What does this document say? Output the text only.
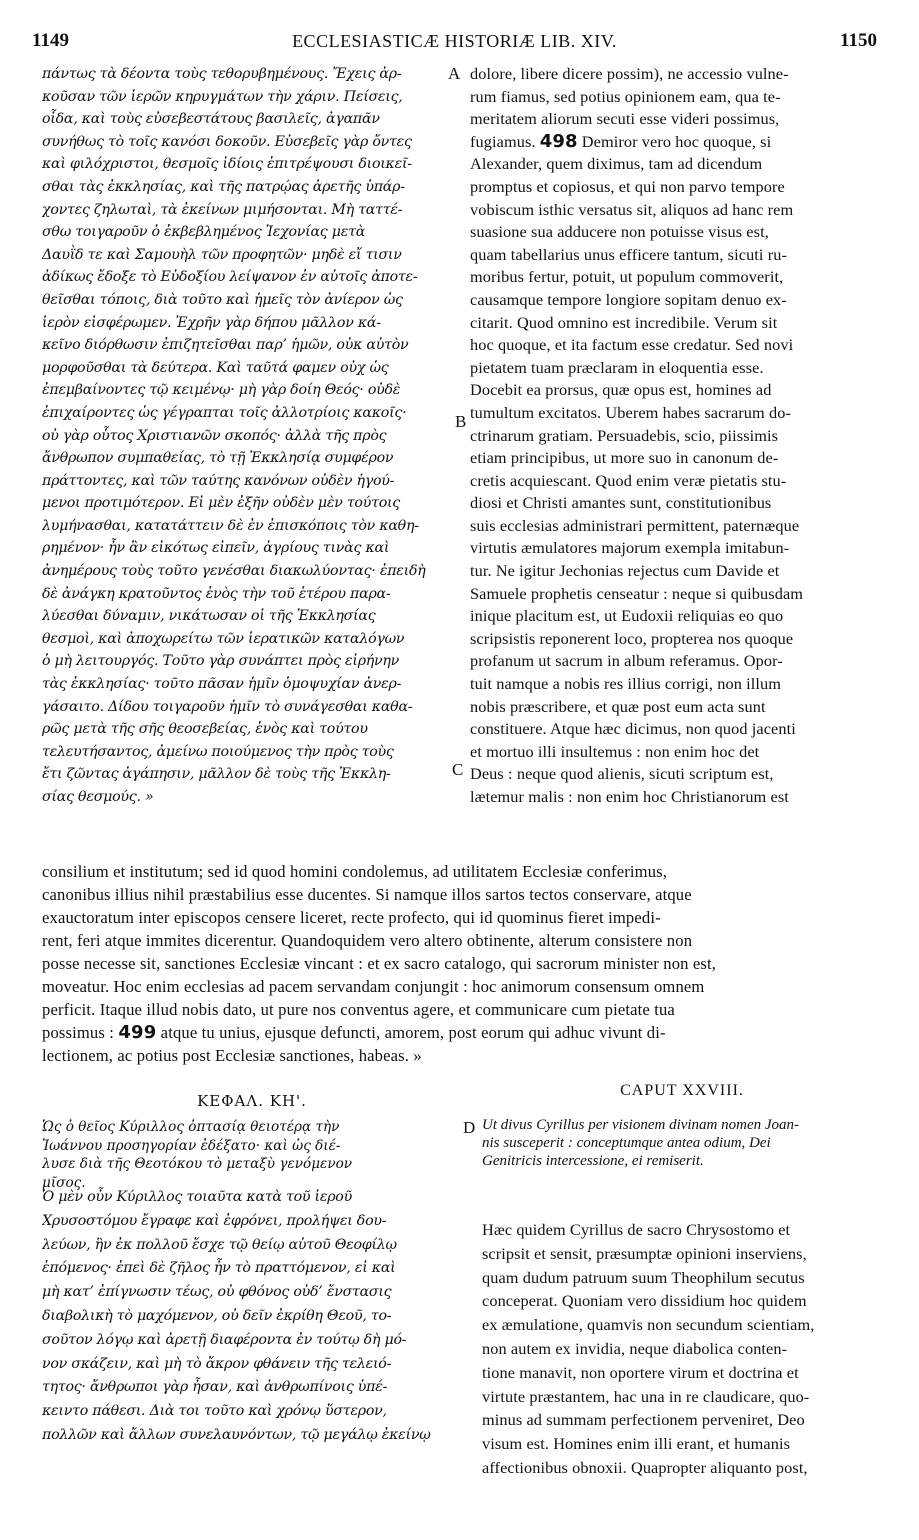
1149	ECCLESIASTICÆ HISTORIÆ LIB. XIV.	1150
πάντως τὰ δέοντα τοὺς τεθορυβημένους. Ἔχεις ἀρ-
κοῦσαν τῶν ἱερῶν κηρυγμάτων τὴν χάριν. Πείσεις,
οἶδα, καὶ τοὺς εὐσεβεστάτους βασιλεῖς, ἀγαπᾶν
συνήθως τὸ τοῖς κανόσι δοκοῦν. Εὐσεβεῖς γὰρ ὄντες
καὶ φιλόχριστοι, θεσμοῖς ἰδίοις ἐπιτρέψουσι διοικεῖ-
σθαι τὰς ἐκκλησίας, καὶ τῆς πατρῴας ἀρετῆς ὑπάρ-
χοντες ζηλωταὶ, τὰ ἐκείνων μιμήσονται. Μὴ ταττέ-
σθω τοιγαροῦν ὁ ἐκβεβλημένος Ἰεχονίας μετὰ
Δαυῒδ τε καὶ Σαμουὴλ τῶν προφητῶν· μηδὲ εἴ τισιν
ἀδίκως ἔδοξε τὸ Εὐδοξίου λείψανον ἐν αὐτοῖς ἀποτε-
θεῖσθαι τόποις, διὰ τοῦτο καὶ ἡμεῖς τὸν ἀνίερον ὡς
ἱερὸν εἰσφέρωμεν. Ἐχρῆν γὰρ δήπου μᾶλλον κά-
κεῖνο διόρθωσιν ἐπιζητεῖσθαι παρ’ ἡμῶν, οὐκ αὐτὸν
μορφοῦσθαι τὰ δεύτερα. Καὶ ταῦτά φαμεν οὐχ ὡς
ἐπεμβαίνοντες τῷ κειμένῳ· μὴ γὰρ δοίη Θεός· οὐδὲ
ἐπιχαίροντες ὡς γέγραπται τοῖς ἀλλοτρίοις κακοῖς·
οὐ γὰρ οὗτος Χριστιανῶν σκοπός· ἀλλὰ τῆς πρὸς
ἄνθρωπον συμπαθείας, τὸ τῇ Ἐκκλησίᾳ συμφέρον
πράττοντες, καὶ τῶν ταύτης κανόνων οὐδὲν ἡγού-
μενοι προτιμότερον. Εἰ μὲν ἐξῆν οὐδὲν μὲν τούτοις
λυμήνασθαι, κατατάττειν δὲ ἐν ἐπισκόποις τὸν καθη-
ρημένον· ἦν ἂν εἰκότως εἰπεῖν, ἀγρίους τινὰς καὶ
ἀνημέρους τοὺς τοῦτο γενέσθαι διακωλύοντας· ἐπειδὴ
δὲ ἀνάγκη κρατοῦντος ἑνὸς τὴν τοῦ ἑτέρου παρα-
λύεσθαι δύναμιν, νικάτωσαν οἱ τῆς Ἐκκλησίας
θεσμοὶ, καὶ ἀποχωρείτω τῶν ἱερατικῶν καταλόγων
ὁ μὴ λειτουργός. Τοῦτο γὰρ συνάπτει πρὸς εἰρήνην
τὰς ἐκκλησίας· τοῦτο πᾶσαν ἡμῖν ὁμοψυχίαν ἀνερ-
γάσαιτο. Δίδου τοιγαροῦν ἡμῖν τὸ συνάγεσθαι καθα-
ρῶς μετὰ τῆς σῆς θεοσεβείας, ἑνὸς καὶ τούτου
τελευτήσαντος, ἀμείνω ποιούμενος τὴν πρὸς τοὺς
ἔτι ζῶντας ἀγάπησιν, μᾶλλον δὲ τοὺς τῆς Ἐκκλη-
σίας θεσμούς. »
dolore, libere dicere possim), ne accessio vulne-
rum fiamus, sed potius opinionem eam, qua te-
meritatem aliorum secuti esse videri possimus,
fugiamus. 498 Demiror vero hoc quoque, si
Alexander, quem diximus, tam ad dicendum
promptus et copiosus, et qui non parvo tempore
vobiscum isthic versatus sit, aliquos ad hanc rem
suasione sua adducere non potuisse visus est,
quam tabellarius unus efficere tantum, sicuti ru-
moribus fertur, potuit, ut populum commoverit,
causamque tempore longiore sopitam denuo ex-
citarit. Quod omnino est incredibile. Verum sit
hoc quoque, et ita factum esse credatur. Sed novi
pietatem tuam præclaram in eloquentia esse.
Docebit ea prorsus, quæ opus est, homines ad
tumultum excitatos. Uberem habes sacrarum do-
ctrinarum gratiam. Persuadebis, scio, piissimis
etiam principibus, ut more suo in canonum de-
cretis acquiescant. Quod enim veræ pietatis stu-
diosi et Christi amantes sunt, constitutionibus
suis ecclesias administrari permittent, paternæque
virtutis æmulatores majorum exempla imitabun-
tur. Ne igitur Jechonias rejectus cum Davide et
Samuele prophetis censeatur : neque si quibusdam
inique placitum est, ut Eudoxii reliquias eo quo
scripsistis reponerent loco, propterea nos quoque
profanum ut sacrum in album referamus. Opor-
tuit namque a nobis res illius corrigi, non illum
nobis præscribere, et quæ post eum acta sunt
constituere. Atque hæc dicimus, non quod jacenti
et mortuo illi insultemus : non enim hoc det
Deus : neque quod alienis, sicuti scriptum est,
lætemur malis : non enim hoc Christianorum est
A
B
C
D
consilium et institutum; sed id quod homini condolemus, ad utilitatem Ecclesiæ conferimus,
canonibus illius nihil præstabilius esse ducentes. Si namque illos sartos tectos conservare, atque
exauctoratum inter episcopos censere liceret, recte profecto, qui id quominus fieret impedi-
rent, feri atque immites dicerentur. Quandoquidem vero altero obtinente, alterum consistere non
posse necesse sit, sanctiones Ecclesiæ vincant : et ex sacro catalogo, qui sacrorum minister non est,
moveatur. Hoc enim ecclesias ad pacem servandam conjungit : hoc animorum consensum omnem
perficit. Itaque illud nobis dato, ut pure nos conventus agere, et communicare cum pietate tua
possimus : 499 atque tu unius, ejusque defuncti, amorem, post eorum qui adhuc vivunt di-
lectionem, ac potius post Ecclesiæ sanctiones, habeas. »
ΚΕΦΑΛ. ΚΗ'.
CAPUT XXVIII.
Ὡς ὁ θεῖος Κύριλλος ὀπτασίᾳ θειοτέρᾳ τὴν
Ἰωάννου προσηγορίαν ἐδέξατο· καὶ ὡς διέ-
λυσε διὰ τῆς Θεοτόκου τὸ μεταξὺ γενόμενον
μῖσος.
Ut divus Cyrillus per visionem divinam nomen Joan-
nis susceperit : conceptumque antea odium, Dei
Genitricis intercessione, ei remiserit.
Ὁ μὲν οὖν Κύριλλος τοιαῦτα κατὰ τοῦ ἱεροῦ
Χρυσοστόμου ἔγραφε καὶ ἐφρόνει, προλήψει δου-
λεύων, ἣν ἐκ πολλοῦ ἔσχε τῷ θείῳ αὐτοῦ Θεοφίλῳ
ἑπόμενος· ἐπεὶ δὲ ζῆλος ἦν τὸ πραττόμενον, εἰ καὶ
μὴ κατ’ ἐπίγνωσιν τέως, οὐ φθόνος οὐδ’ ἔνστασις
διαβολικὴ τὸ μαχόμενον, οὐ δεῖν ἐκρίθη Θεοῦ, το-
σοῦτον λόγῳ καὶ ἀρετῇ διαφέροντα ἐν τούτῳ δὴ μό-
νον σκάζειν, καὶ μὴ τὸ ἄκρον φθάνειν τῆς τελειό-
τητος· ἄνθρωποι γὰρ ἦσαν, καὶ ἀνθρωπίνοις ὑπέ-
κειντο πάθεσι. Διὰ τοι τοῦτο καὶ χρόνῳ ὕστερον,
πολλῶν καὶ ἄλλων συνελαυνόντων, τῷ μεγάλῳ ἐκείνῳ
Hæc quidem Cyrillus de sacro Chrysostomo et
scripsit et sensit, præsumptæ opinioni inserviens,
quam dudum patruum suum Theophilum secutus
conceperat. Quoniam vero dissidium hoc quidem
ex æmulatione, quamvis non secundum scientiam,
non autem ex invidia, neque diabolica conten-
tione manavit, non oportere virum et doctrina et
virtute præstantem, hac una in re claudicare, quo-
minus ad summam perfectionem perveniret, Deo
visum est. Homines enim illi erant, et humanis
affectionibus obnoxii. Quapropter aliquanto post,
